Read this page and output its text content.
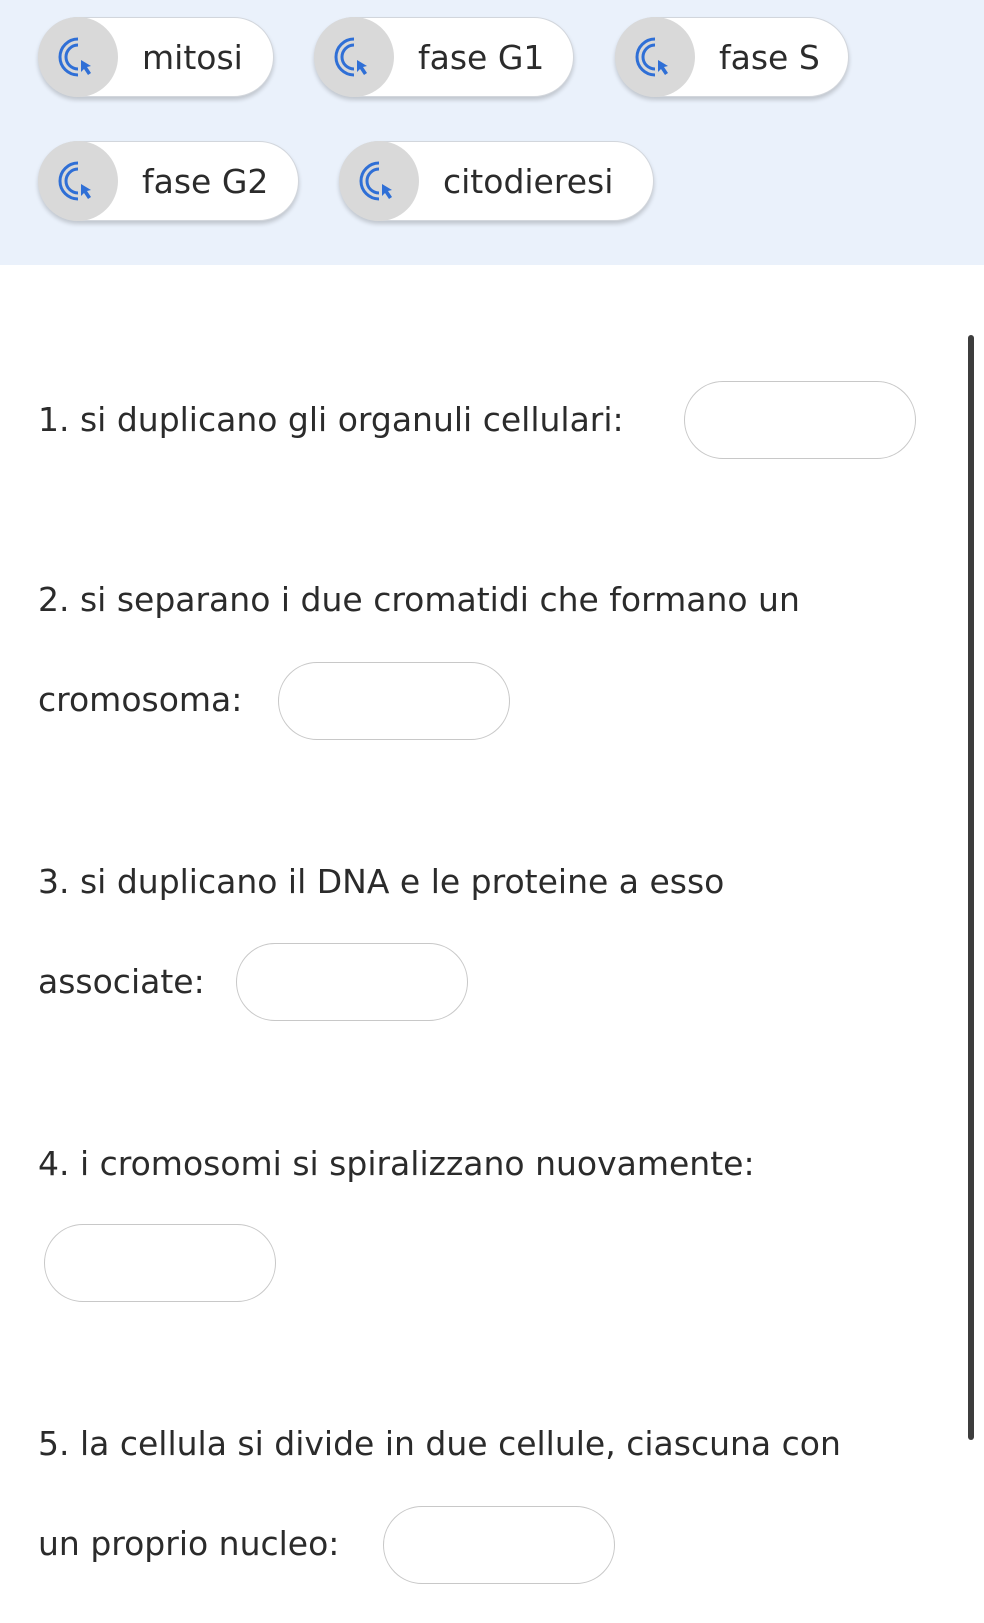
mitosi	fase G1	fase S
fase G2	citodieresi
1. si duplicano gli organuli cellulari:
2. si separano i due cromatidi che formano un
cromosoma:
3. si duplicano il DNA e le proteine a esso
associate:
4. i cromosomi si spiralizzano nuovamente:
5. la cellula si divide in due cellule, ciascuna con
un proprio nucleo:
